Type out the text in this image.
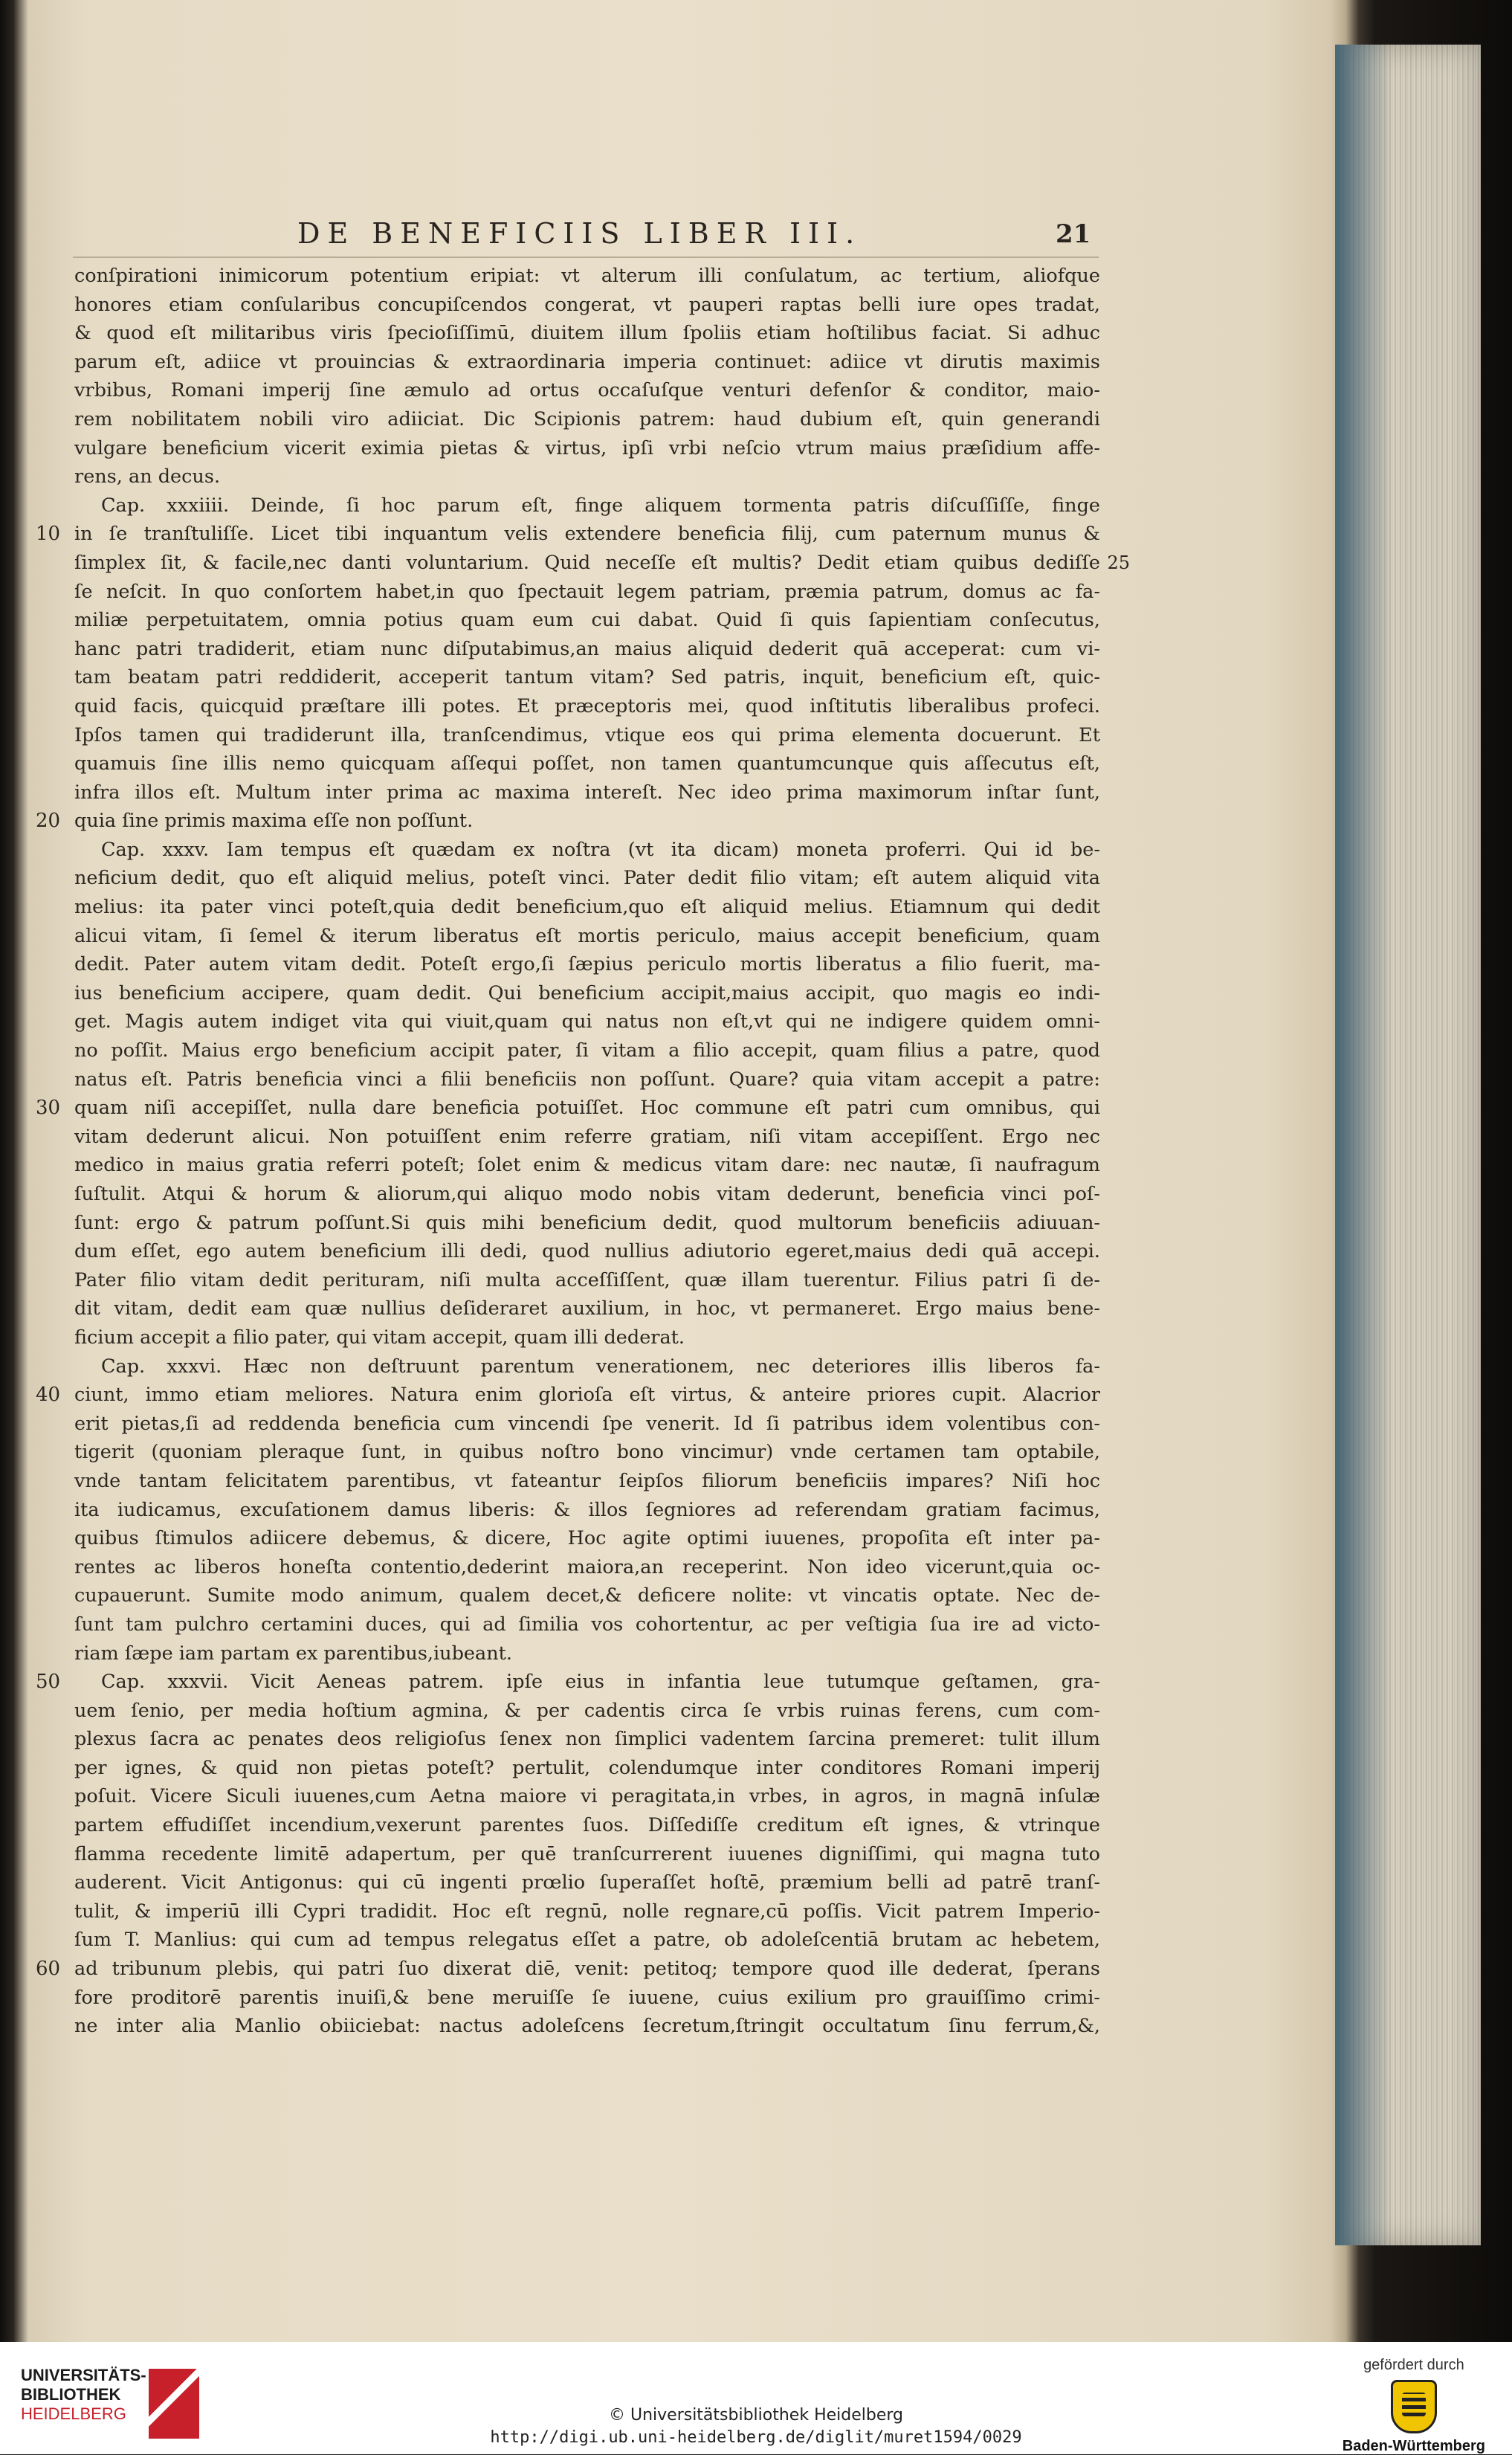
DE BENEFICIIS LIBER III.	21
conſpirationi inimicorum potentium eripiat: vt alterum illi conſulatum, ac tertium, aliofque
honores etiam conſularibus concupiſcendos congerat, vt pauperi raptas belli iure opes tradat,
& quod eſt militaribus viris ſpecioſiſſimū, diuitem illum ſpoliis etiam hoſtilibus faciat. Si adhuc
parum eſt, adiice vt prouincias & extraordinaria imperia continuet: adiice vt dirutis maximis
vrbibus, Romani imperij ſine æmulo ad ortus occaſuſque venturi defenſor & conditor, maio-
rem nobilitatem nobili viro adiiciat. Dic Scipionis patrem: haud dubium eſt, quin generandi
vulgare beneficium vicerit eximia pietas & virtus, ipſi vrbi neſcio vtrum maius præſidium affe-
rens, an decus.
Cap. xxxiiii. Deinde, ſi hoc parum eſt, finge aliquem tormenta patris diſcuſſiſſe, finge
in ſe tranſtuliſſe. Licet tibi inquantum velis extendere beneficia filij, cum paternum munus &
10
ſimplex ſit, & facile,nec danti voluntarium. Quid neceſſe eſt multis? Dedit etiam quibus dediſſe 25
ſe neſcit. In quo conſortem habet,in quo ſpectauit legem patriam, præmia patrum, domus ac fa-
miliæ perpetuitatem, omnia potius quam eum cui dabat. Quid ſi quis ſapientiam conſecutus,
hanc patri tradiderit, etiam nunc diſputabimus,an maius aliquid dederit quā acceperat: cum vi-
tam beatam patri reddiderit, acceperit tantum vitam? Sed patris, inquit, beneficium eſt, quic-
quid facis, quicquid præſtare illi potes. Et præceptoris mei, quod inſtitutis liberalibus profeci.
Ipſos tamen qui tradiderunt illa, tranſcendimus, vtique eos qui prima elementa docuerunt. Et
quamuis ſine illis nemo quicquam aſſequi poſſet, non tamen quantumcunque quis aſſecutus eſt,
infra illos eſt. Multum inter prima ac maxima intereſt. Nec ideo prima maximorum inſtar ſunt,
quia ſine primis maxima eſſe non poſſunt.
20
Cap. xxxv. Iam tempus eſt quædam ex noſtra (vt ita dicam) moneta proferri. Qui id be-
neficium dedit, quo eſt aliquid melius, poteſt vinci. Pater dedit filio vitam; eſt autem aliquid vita
melius: ita pater vinci poteſt,quia dedit beneficium,quo eſt aliquid melius. Etiamnum qui dedit
alicui vitam, ſi ſemel & iterum liberatus eſt mortis periculo, maius accepit beneficium, quam
dedit. Pater autem vitam dedit. Poteſt ergo,ſi ſæpius periculo mortis liberatus a filio fuerit, ma-
ius beneficium accipere, quam dedit. Qui beneficium accipit,maius accipit, quo magis eo indi-
get. Magis autem indiget vita qui viuit,quam qui natus non eſt,vt qui ne indigere quidem omni-
no poſſit. Maius ergo beneficium accipit pater, ſi vitam a filio accepit, quam filius a patre, quod
natus eſt. Patris beneficia vinci a filii beneficiis non poſſunt. Quare? quia vitam accepit a patre:
quam niſi accepiſſet, nulla dare beneficia potuiſſet. Hoc commune eſt patri cum omnibus, qui
30
vitam dederunt alicui. Non potuiſſent enim referre gratiam, niſi vitam accepiſſent. Ergo nec
medico in maius gratia referri poteſt; ſolet enim & medicus vitam dare: nec nautæ, ſi naufragum
ſuſtulit. Atqui & horum & aliorum,qui aliquo modo nobis vitam dederunt, beneficia vinci poſ-
ſunt: ergo & patrum poſſunt.Si quis mihi beneficium dedit, quod multorum beneficiis adiuuan-
dum eſſet, ego autem beneficium illi dedi, quod nullius adiutorio egeret,maius dedi quā accepi.
Pater filio vitam dedit perituram, niſi multa acceſſiſſent, quæ illam tuerentur. Filius patri ſi de-
dit vitam, dedit eam quæ nullius deſideraret auxilium, in hoc, vt permaneret. Ergo maius bene-
ficium accepit a filio pater, qui vitam accepit, quam illi dederat.
Cap. xxxvi. Hæc non deſtruunt parentum venerationem, nec deteriores illis liberos fa-
ciunt, immo etiam meliores. Natura enim glorioſa eſt virtus, & anteire priores cupit. Alacrior
40
erit pietas,ſi ad reddenda beneficia cum vincendi ſpe venerit. Id ſi patribus idem volentibus con-
tigerit (quoniam pleraque ſunt, in quibus noſtro bono vincimur) vnde certamen tam optabile,
vnde tantam felicitatem parentibus, vt fateantur ſeipſos filiorum beneficiis impares? Niſi hoc
ita iudicamus, excuſationem damus liberis: & illos ſegniores ad referendam gratiam facimus,
quibus ſtimulos adiicere debemus, & dicere, Hoc agite optimi iuuenes, propoſita eſt inter pa-
rentes ac liberos honeſta contentio,dederint maiora,an receperint. Non ideo vicerunt,quia oc-
cupauerunt. Sumite modo animum, qualem decet,& deficere nolite: vt vincatis optate. Nec de-
ſunt tam pulchro certamini duces, qui ad ſimilia vos cohortentur, ac per veſtigia ſua ire ad victo-
riam ſæpe iam partam ex parentibus,iubeant.
Cap. xxxvii. Vicit Aeneas patrem. ipſe eius in infantia leue tutumque geſtamen, gra-
50
uem ſenio, per media hoſtium agmina, & per cadentis circa ſe vrbis ruinas ferens, cum com-
plexus ſacra ac penates deos religioſus ſenex non ſimplici vadentem ſarcina premeret: tulit illum
per ignes, & quid non pietas poteſt? pertulit, colendumque inter conditores Romani imperij
poſuit. Vicere Siculi iuuenes,cum Aetna maiore vi peragitata,in vrbes, in agros, in magnā inſulæ
partem effudiſſet incendium,vexerunt parentes ſuos. Diſſediſſe creditum eſt ignes, & vtrinque
flamma recedente limitē adapertum, per quē tranſcurrerent iuuenes digniſſimi, qui magna tuto
auderent. Vicit Antigonus: qui cū ingenti prœlio ſuperaſſet hoſtē, præmium belli ad patrē tranſ-
tulit, & imperiū illi Cypri tradidit. Hoc eſt regnū, nolle regnare,cū poſſis. Vicit patrem Imperio-
ſum T. Manlius: qui cum ad tempus relegatus eſſet a patre, ob adoleſcentiā brutam ac hebetem,
ad tribunum plebis, qui patri ſuo dixerat diē, venit: petitoq; tempore quod ille dederat, ſperans
60
fore proditorē parentis inuiſi,& bene meruiſſe ſe iuuene, cuius exilium pro grauiſſimo crimi-
ne inter alia Manlio obiiciebat: nactus adoleſcens ſecretum,ſtringit occultatum ſinu ferrum,&,
UNIVERSITÄTS-
BIBLIOTHEK
HEIDELBERG	© Universitätsbibliothek Heidelberg
http://digi.ub.uni-heidelberg.de/diglit/muret1594/0029
gefördert durch
Baden-Württemberg
